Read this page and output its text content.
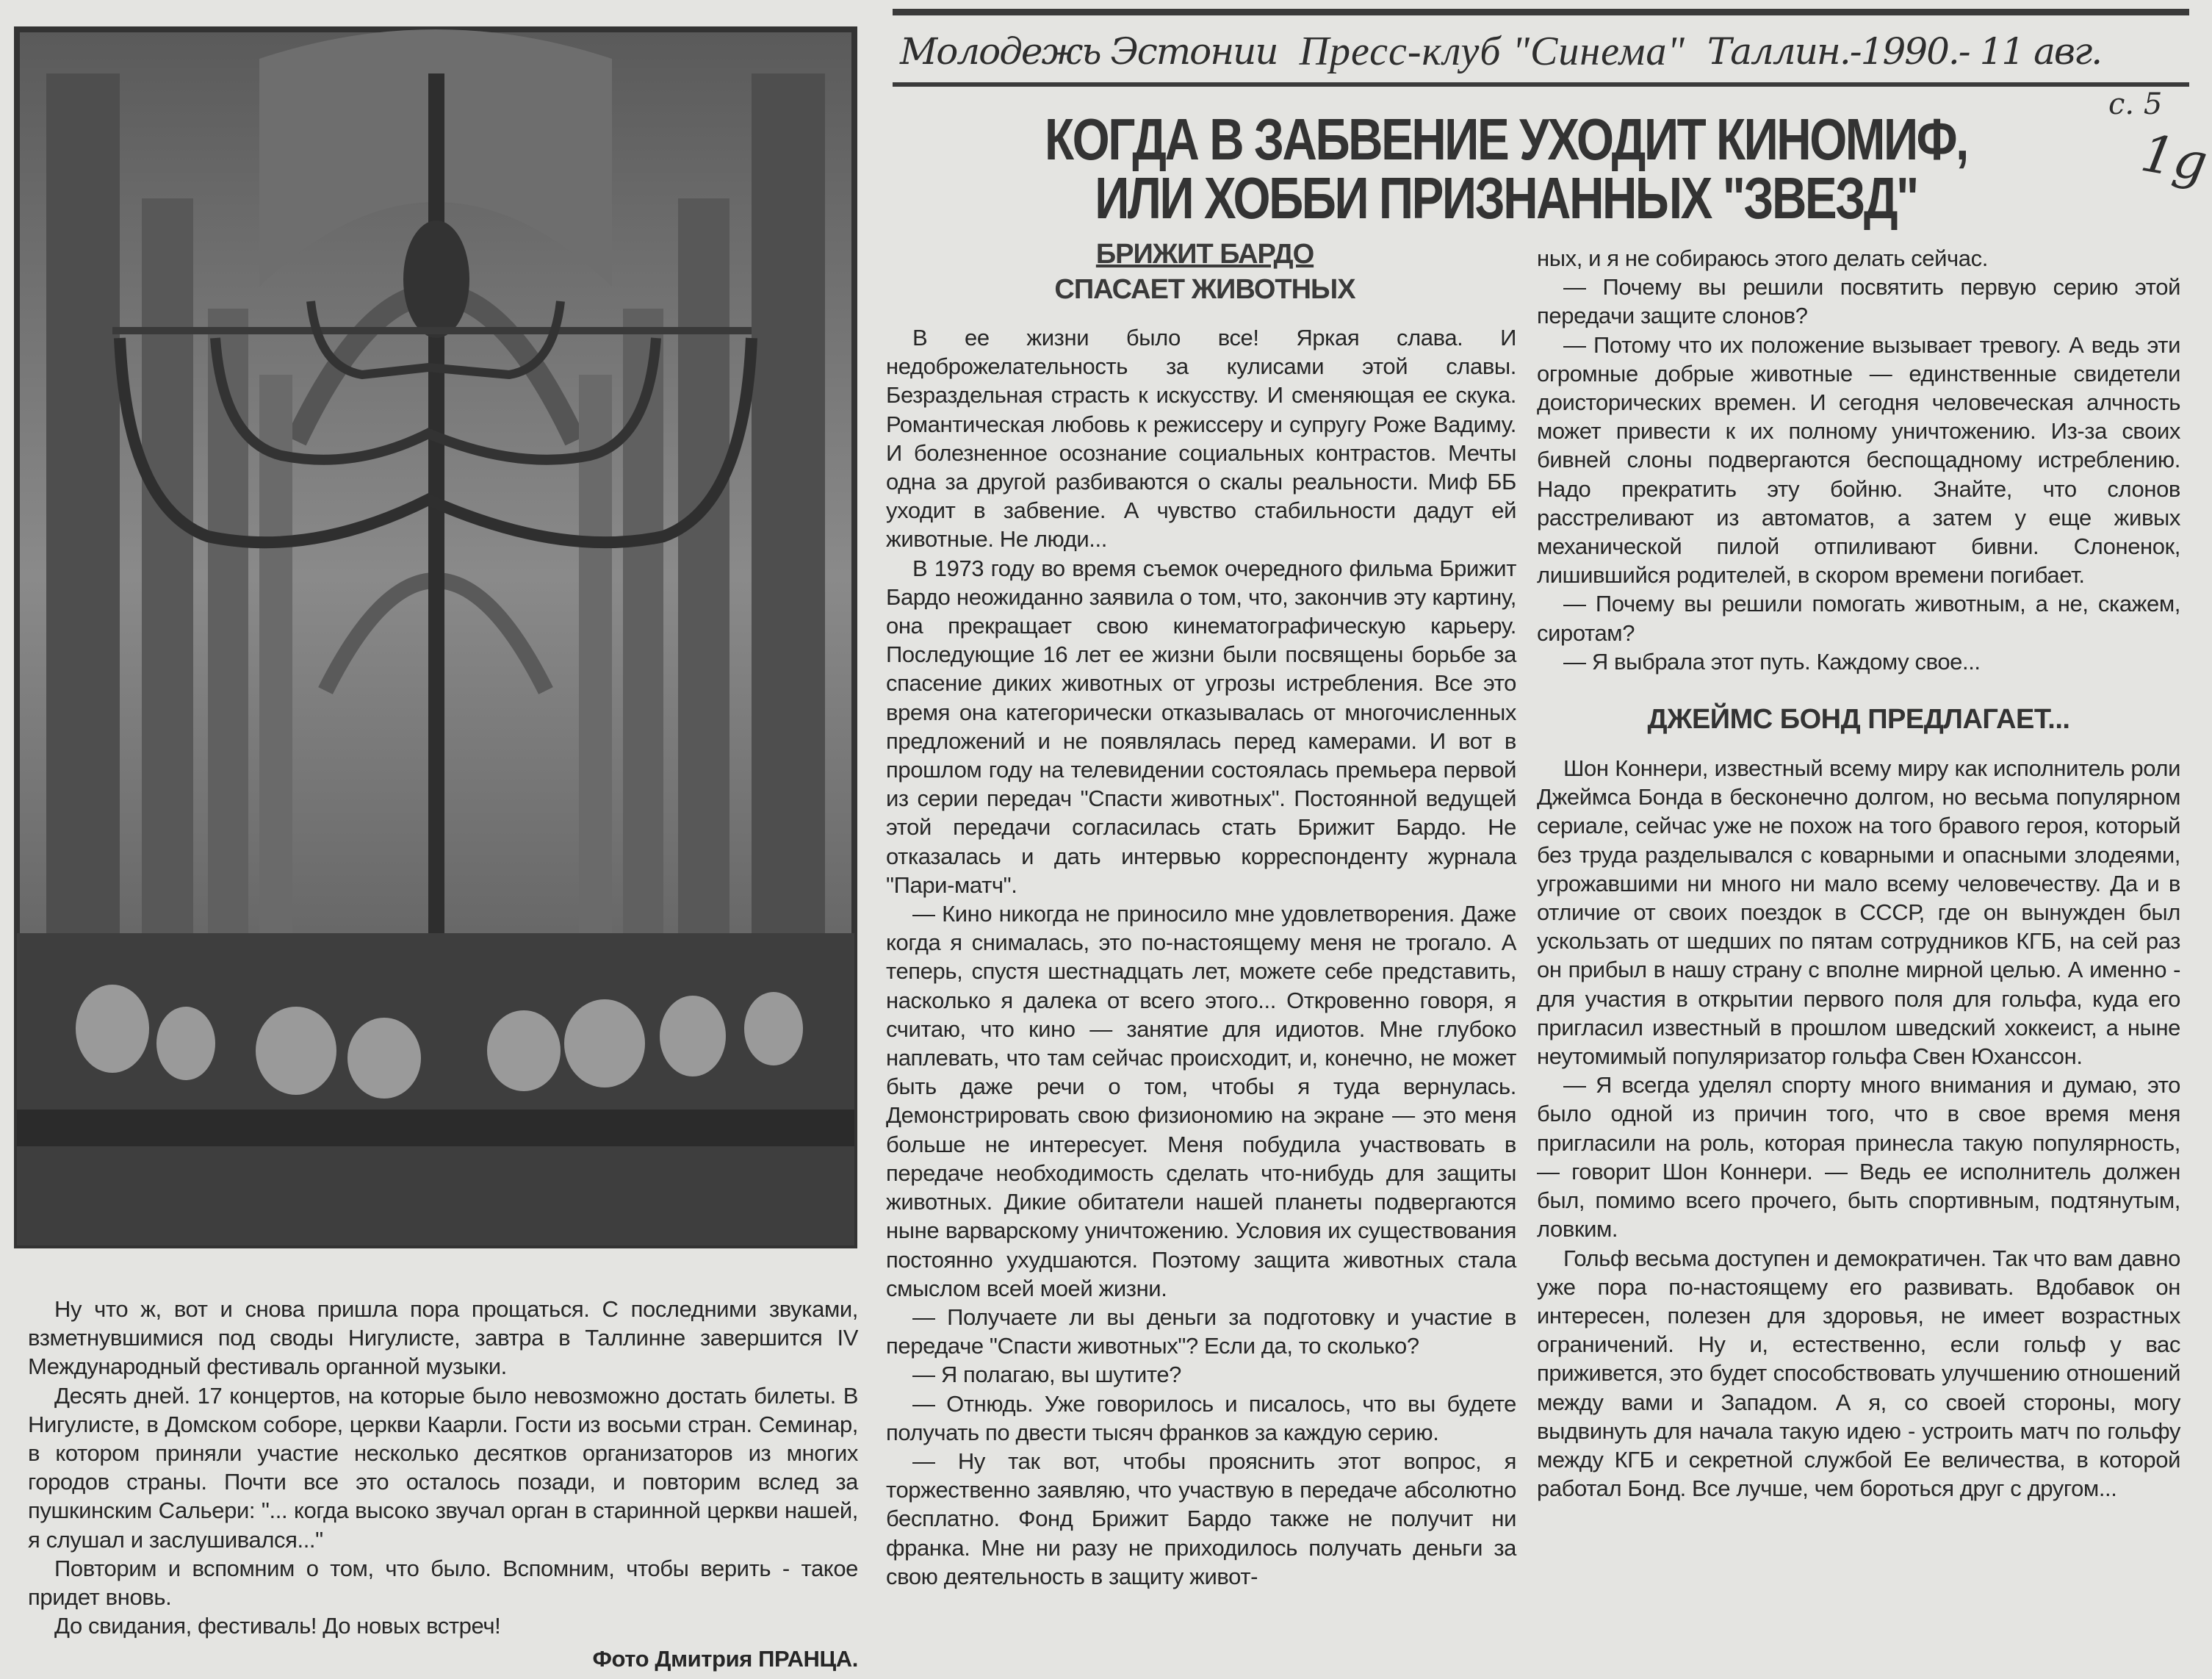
Молодежь Эстонии Пресс-клуб "Синема" Таллин.-1990.- 11 авг.
с. 5
1g
КОГДА В ЗАБВЕНИЕ УХОДИТ КИНОМИФ,
ИЛИ ХОББИ ПРИЗНАННЫХ "ЗВЕЗД"

Ну что ж, вот и снова пришла пора прощаться. С последними звуками, взметнувшимися под своды Нигулисте, завтра в Таллинне завершится IV Международный фестиваль органной музыки.

Десять дней. 17 концертов, на которые было невозможно достать билеты. В Нигулисте, в Домском соборе, церкви Каарли. Гости из восьми стран. Семинар, в котором приняли участие несколько десятков организаторов из многих городов страны. Почти все это осталось позади, и повторим вслед за пушкинским Сальери: "... когда высоко звучал орган в старинной церкви нашей, я слушал и заслушивался..."

Повторим и вспомним о том, что было. Вспомним, чтобы верить - такое придет вновь.

До свидания, фестиваль! До новых встреч!

Фото Дмитрия ПРАНЦА.
БРИЖИТ БАРДО
СПАСАЕТ ЖИВОТНЫХ

В ее жизни было все! Яркая слава. И недоброжелательность за кулисами этой славы. Безраздельная страсть к искусству. И сменяющая ее скука. Романтическая любовь к режиссеру и супругу Роже Вадиму. И болезненное осознание социальных контрастов. Мечты одна за другой разбиваются о скалы реальности. Миф ББ уходит в забвение. А чувство стабильности дадут ей животные. Не люди...

В 1973 году во время съемок очередного фильма Брижит Бардо неожиданно заявила о том, что, закончив эту картину, она прекращает свою кинематографическую карьеру. Последующие 16 лет ее жизни были посвящены борьбе за спасение диких животных от угрозы истребления. Все это время она категорически отказывалась от многочисленных предложений и не появлялась перед камерами. И вот в прошлом году на телевидении состоялась премьера первой из серии передач "Спасти животных". Постоянной ведущей этой передачи согласилась стать Брижит Бардо. Не отказалась и дать интервью корреспонденту журнала "Пари-матч".

— Кино никогда не приносило мне удовлетворения. Даже когда я снималась, это по-настоящему меня не трогало. А теперь, спустя шестнадцать лет, можете себе представить, насколько я далека от всего этого... Откровенно говоря, я считаю, что кино — занятие для идиотов. Мне глубоко наплевать, что там сейчас происходит, и, конечно, не может быть даже речи о том, чтобы я туда вернулась. Демонстрировать свою физиономию на экране — это меня больше не интересует. Меня побудила участвовать в передаче необходимость сделать что-нибудь для защиты животных. Дикие обитатели нашей планеты подвергаются ныне варварскому уничтожению. Условия их существования постоянно ухудшаются. Поэтому защита животных стала смыслом всей моей жизни.

— Получаете ли вы деньги за подготовку и участие в передаче "Спасти животных"? Если да, то сколько?

— Я полагаю, вы шутите?

— Отнюдь. Уже говорилось и писалось, что вы будете получать по двести тысяч франков за каждую серию.

— Ну так вот, чтобы прояснить этот вопрос, я торжественно заявляю, что участвую в передаче абсолютно бесплатно. Фонд Брижит Бардо также не получит ни франка. Мне ни разу не приходилось получать деньги за свою деятельность в защиту живот-

ных, и я не собираюсь этого делать сейчас.

— Почему вы решили посвятить первую серию этой передачи защите слонов?

— Потому что их положение вызывает тревогу. А ведь эти огромные добрые животные — единственные свидетели доисторических времен. И сегодня человеческая алчность может привести к их полному уничтожению. Из-за своих бивней слоны подвергаются беспощадному истреблению. Надо прекратить эту бойню. Знайте, что слонов расстреливают из автоматов, а затем у еще живых механической пилой отпиливают бивни. Слоненок, лишившийся родителей, в скором времени погибает.

— Почему вы решили помогать животным, а не, скажем, сиротам?

— Я выбрала этот путь. Каждому свое...

ДЖЕЙМС БОНД ПРЕДЛАГАЕТ...

Шон Коннери, известный всему миру как исполнитель роли Джеймса Бонда в бесконечно долгом, но весьма популярном сериале, сейчас уже не похож на того бравого героя, который без труда разделывался с коварными и опасными злодеями, угрожавшими ни много ни мало всему человечеству. Да и в отличие от своих поездок в СССР, где он вынужден был ускользать от шедших по пятам сотрудников КГБ, на сей раз он прибыл в нашу страну с вполне мирной целью. А именно - для участия в открытии первого поля для гольфа, куда его пригласил известный в прошлом шведский хоккеист, а ныне неутомимый популяризатор гольфа Свен Юханссон.

— Я всегда уделял спорту много внимания и думаю, это было одной из причин того, что в свое время меня пригласили на роль, которая принесла такую популярность, — говорит Шон Коннери. — Ведь ее исполнитель должен был, помимо всего прочего, быть спортивным, подтянутым, ловким.

Гольф весьма доступен и демократичен. Так что вам давно уже пора по-настоящему его развивать. Вдобавок он интересен, полезен для здоровья, не имеет возрастных ограничений. Ну и, естественно, если гольф у вас приживется, это будет способствовать улучшению отношений между вами и Западом. А я, со своей стороны, могу выдвинуть для начала такую идею - устроить матч по гольфу между КГБ и секретной службой Ее величества, в которой работал Бонд. Все лучше, чем бороться друг с другом...
